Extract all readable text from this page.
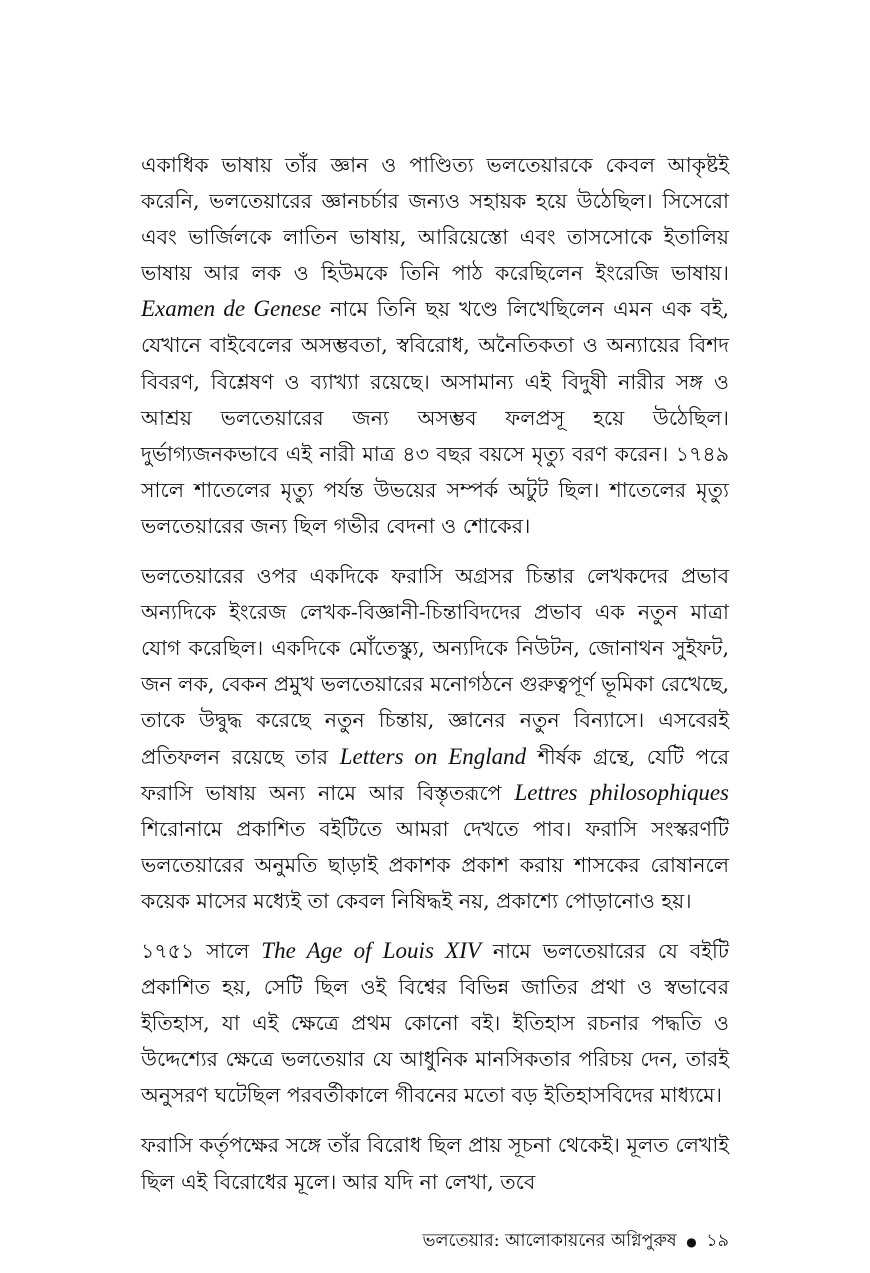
একাধিক ভাষায় তাঁর জ্ঞান ও পাণ্ডিত্য ভলতেয়ারকে কেবল আকৃষ্টই করেনি, ভলতেয়ারের জ্ঞানচর্চার জন্যও সহায়ক হয়ে উঠেছিল। সিসেরো এবং ভার্জিলকে লাতিন ভাষায়, আরিয়েস্তো এবং তাসসোকে ইতালিয় ভাষায় আর লক ও হিউমকে তিনি পাঠ করেছিলেন ইংরেজি ভাষায়। Examen de Genese নামে তিনি ছয় খণ্ডে লিখেছিলেন এমন এক বই, যেখানে বাইবেলের অসম্ভবতা, স্ববিরোধ, অনৈতিকতা ও অন্যায়ের বিশদ বিবরণ, বিশ্লেষণ ও ব্যাখ্যা রয়েছে। অসামান্য এই বিদুষী নারীর সঙ্গ ও আশ্রয় ভলতেয়ারের জন্য অসম্ভব ফলপ্রসূ হয়ে উঠেছিল। দুর্ভাগ্যজনকভাবে এই নারী মাত্র ৪৩ বছর বয়সে মৃত্যু বরণ করেন। ১৭৪৯ সালে শাতেলের মৃত্যু পর্যন্ত উভয়ের সম্পর্ক অটুট ছিল। শাতেলের মৃত্যু ভলতেয়ারের জন্য ছিল গভীর বেদনা ও শোকের।

ভলতেয়ারের ওপর একদিকে ফরাসি অগ্রসর চিন্তার লেখকদের প্রভাব অন্যদিকে ইংরেজ লেখক-বিজ্ঞানী-চিন্তাবিদদের প্রভাব এক নতুন মাত্রা যোগ করেছিল। একদিকে মোঁতেস্ক্যু, অন্যদিকে নিউটন, জোনাথন সুইফট, জন লক, বেকন প্রমুখ ভলতেয়ারের মনোগঠনে গুরুত্বপূর্ণ ভূমিকা রেখেছে, তাকে উদ্বুদ্ধ করেছে নতুন চিন্তায়, জ্ঞানের নতুন বিন্যাসে। এসবেরই প্রতিফলন রয়েছে তার Letters on England শীর্ষক গ্রন্থে, যেটি পরে ফরাসি ভাষায় অন্য নামে আর বিস্তৃতরূপে Lettres philosophiques শিরোনামে প্রকাশিত বইটিতে আমরা দেখতে পাব। ফরাসি সংস্করণটি ভলতেয়ারের অনুমতি ছাড়াই প্রকাশক প্রকাশ করায় শাসকের রোষানলে কয়েক মাসের মধ্যেই তা কেবল নিষিদ্ধই নয়, প্রকাশ্যে পোড়ানোও হয়।

১৭৫১ সালে The Age of Louis XIV নামে ভলতেয়ারের যে বইটি প্রকাশিত হয়, সেটি ছিল ওই বিশ্বের বিভিন্ন জাতির প্রথা ও স্বভাবের ইতিহাস, যা এই ক্ষেত্রে প্রথম কোনো বই। ইতিহাস রচনার পদ্ধতি ও উদ্দেশ্যের ক্ষেত্রে ভলতেয়ার যে আধুনিক মানসিকতার পরিচয় দেন, তারই অনুসরণ ঘটেছিল পরবর্তীকালে গীবনের মতো বড় ইতিহাসবিদের মাধ্যমে।

ফরাসি কর্তৃপক্ষের সঙ্গে তাঁর বিরোধ ছিল প্রায় সূচনা থেকেই। মূলত লেখাই ছিল এই বিরোধের মূলে। আর যদি না লেখা, তবে

ভলতেয়ার: আলোকায়নের অগ্নিপুরুষ ● ১৯
